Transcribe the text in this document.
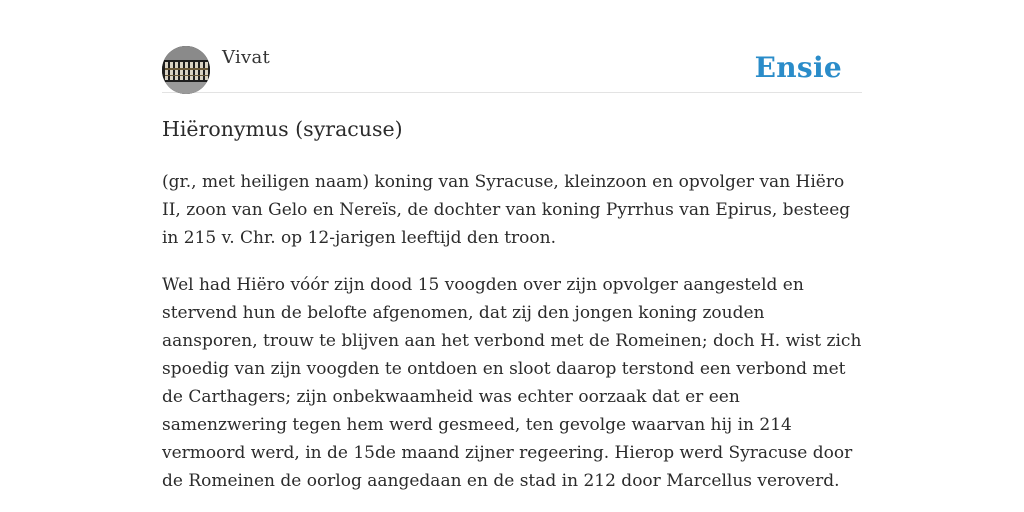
Vivat	Ensie
Hiëronymus (syracuse)

(gr., met heiligen naam) koning van Syracuse, kleinzoon en opvolger van Hiëro II, zoon van Gelo en Nereïs, de dochter van koning Pyrrhus van Epirus, besteeg in 215 v. Chr. op 12-jarigen leeftijd den troon.

Wel had Hiëro vóór zijn dood 15 voogden over zijn opvolger aangesteld en stervend hun de belofte afgenomen, dat zij den jongen koning zouden aansporen, trouw te blijven aan het verbond met de Romeinen; doch H. wist zich spoedig van zijn voogden te ontdoen en sloot daarop terstond een verbond met de Carthagers; zijn onbekwaamheid was echter oorzaak dat er een samenzwering tegen hem werd gesmeed, ten gevolge waarvan hij in 214 vermoord werd, in de 15de maand zijner regeering. Hierop werd Syracuse door de Romeinen de oorlog aangedaan en de stad in 212 door Marcellus veroverd.
